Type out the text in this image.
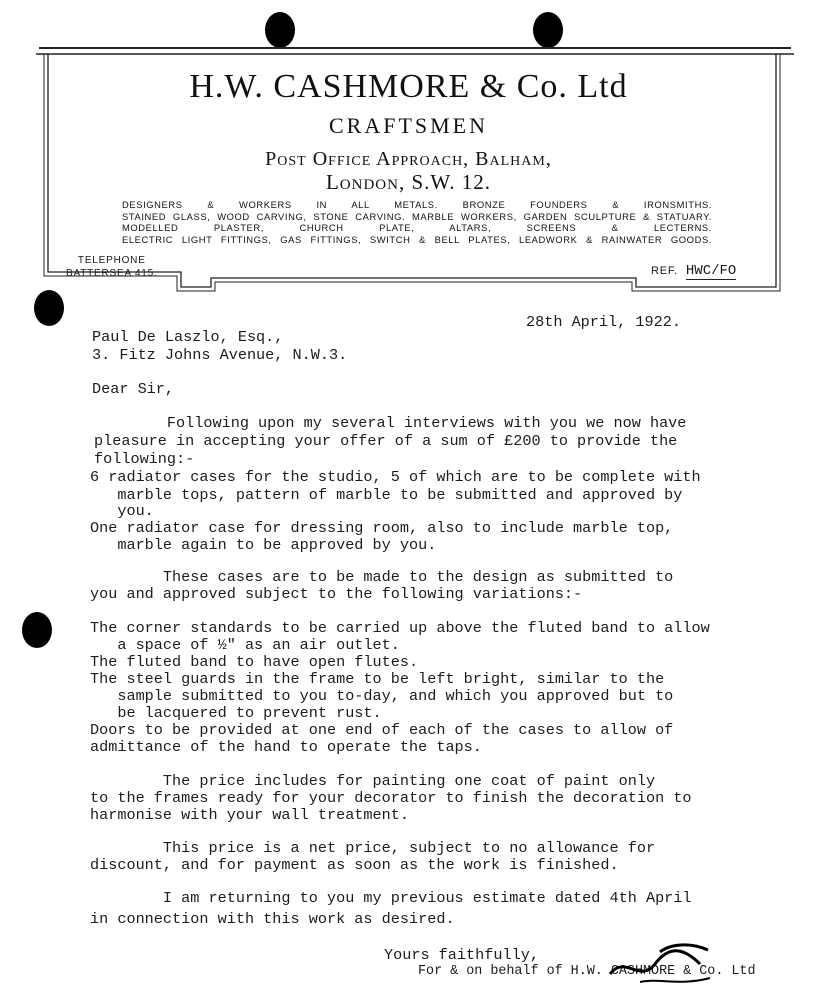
H.W. CASHMORE & Co. Ltd
CRAFTSMEN
Post Office Approach, Balham,
London, S.W. 12.
DESIGNERS & WORKERS IN ALL METALS. BRONZE FOUNDERS & IRONSMITHS.
STAINED GLASS, WOOD CARVING, STONE CARVING. MARBLE WORKERS, GARDEN SCULPTURE & STATUARY.
MODELLED PLASTER, CHURCH PLATE, ALTARS, SCREENS & LECTERNS.
ELECTRIC LIGHT FITTINGS, GAS FITTINGS, SWITCH & BELL PLATES, LEADWORK & RAINWATER GOODS.
TELEPHONE
BATTERSEA 415.	REF. HWC/FO
28th April, 1922.
Paul De Laszlo, Esq.,
3. Fitz Johns Avenue, N.W.3.
Dear Sir,
Following upon my several interviews with you we now have
pleasure in accepting your offer of a sum of £200 to provide the
following:-
6 radiator cases for the studio, 5 of which are to be complete with
marble tops, pattern of marble to be submitted and approved by
you.
One radiator case for dressing room, also to include marble top,
marble again to be approved by you.
These cases are to be made to the design as submitted to
you and approved subject to the following variations:-
The corner standards to be carried up above the fluted band to allow
a space of ½" as an air outlet.
The fluted band to have open flutes.
The steel guards in the frame to be left bright, similar to the
sample submitted to you to-day, and which you approved but to
be lacquered to prevent rust.
Doors to be provided at one end of each of the cases to allow of
admittance of the hand to operate the taps.
The price includes for painting one coat of paint only
to the frames ready for your decorator to finish the decoration to
harmonise with your wall treatment.
This price is a net price, subject to no allowance for
discount, and for payment as soon as the work is finished.
I am returning to you my previous estimate dated 4th April
in connection with this work as desired.
Yours faithfully,
For & on behalf of H.W. CASHMORE & Co. Ltd
